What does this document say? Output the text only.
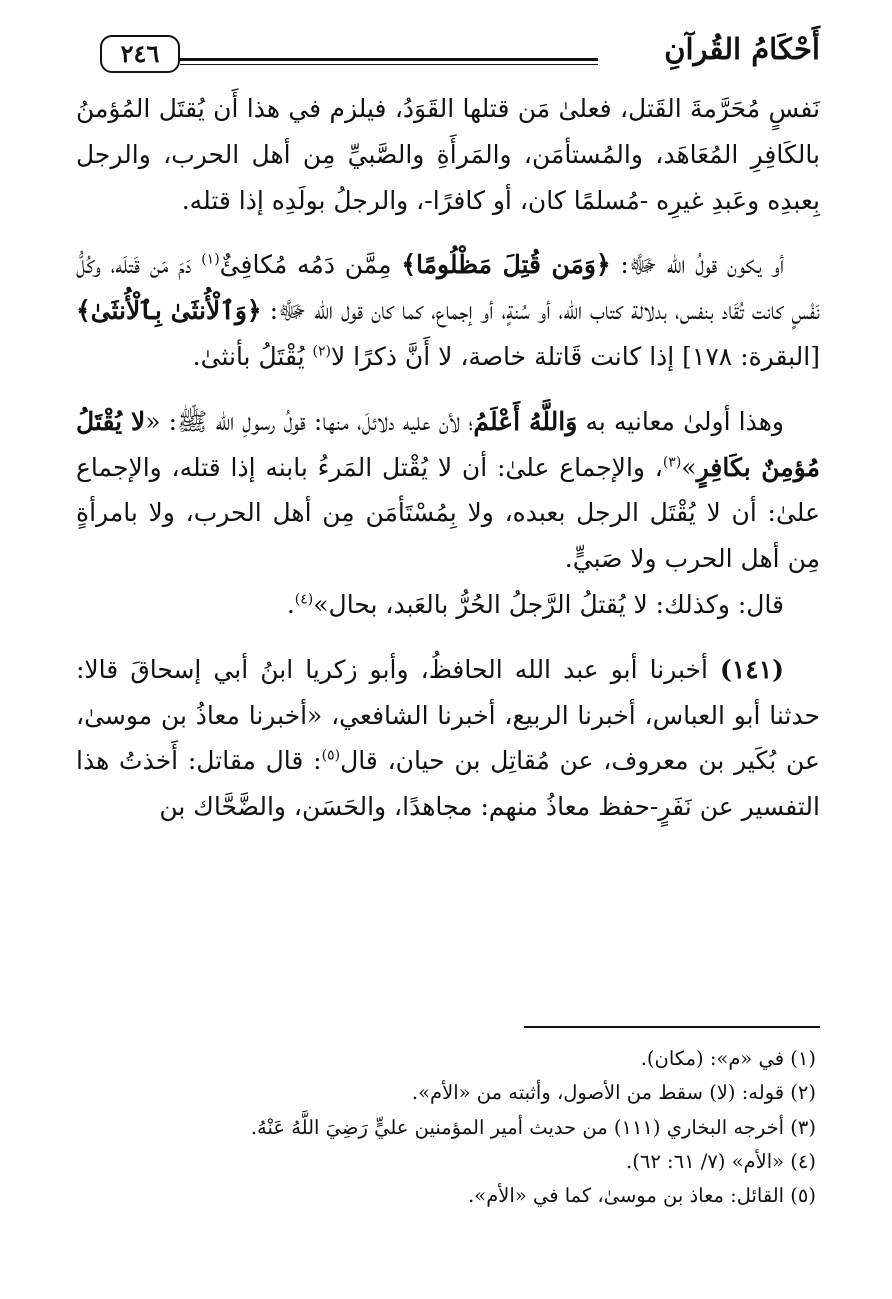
أَحْكَامُ القُرآنِ
٢٤٦

نَفسٍ مُحَرَّمةَ القَتل، فعلىٰ مَن قتلها القَوَدُ، فيلزم في هذا أَن يُقتَل المُؤمنُ بالكَافِرِ المُعَاهَد، والمُستأمَن، والمَرأَةِ والصَّبيِّ مِن أهل الحرب، والرجل بِعبدِه وعَبدِ غيرِه -مُسلمًا كان، أو كافرًا-، والرجلُ بولَدِه إذا قتله.

أو يكون قولُ الله ﷻ: ﴿وَمَن قُتِلَ مَظْلُومًا﴾ مِمَّن دَمُه مُكافِئٌ$^{(١)}$ دَمَ مَن قَتلَه، وكُلُّ نَفْسٍ كانت تُقَاد بنفس، بدلالة كتاب الله، أو سُنةٍ، أو إجماع، كما كان قول الله ﷻ: ﴿وَٱلْأُنثَىٰ بِٱلْأُنثَىٰ﴾ [البقرة: ١٧٨] إذا كانت قَاتلة خاصة، لا أَنَّ ذكرًا لا$^{(٢)}$ يُقْتَلُ بأنثىٰ.

وهذا أولىٰ معانيه به وَاللَّهُ أَعْلَمُ؛ لأن عليه دلائلَ، منها: قولُ رسولِ الله ﷺ: «لا يُقْتَلُ مُؤمِنٌ بكَافِرٍ»$^{(٣)}$، والإجماع علىٰ: أن لا يُقْتل المَرءُ بابنه إذا قتله، والإجماع علىٰ: أن لا يُقْتَل الرجل بعبده، ولا بِمُسْتَأمَن مِن أهل الحرب، ولا بامرأةٍ مِن أهل الحرب ولا صَبيٍّ.

قال: وكذلك: لا يُقتلُ الرَّجلُ الحُرُّ بالعَبد، بحال»$^{(٤)}$.

(١٤١) أخبرنا أبو عبد الله الحافظُ، وأبو زكريا ابنُ أبي إسحاقَ قالا: حدثنا أبو العباس، أخبرنا الربيع، أخبرنا الشافعي، «أخبرنا معاذُ بن موسىٰ، عن بُكَير بن معروف، عن مُقاتِل بن حيان، قال$^{(٥)}$: قال مقاتل: أَخذتُ هذا التفسير عن نَفَرٍ-حفظ معاذُ منهم: مجاهدًا، والحَسَن، والضَّحَّاك بن

(١) في «م»: (مكان).
(٢) قوله: (لا) سقط من الأصول، وأثبته من «الأم».
(٣) أخرجه البخاري (١١١) من حديث أمير المؤمنين عليٍّ رَضِيَ اللَّهُ عَنْهُ.
(٤) «الأم» (٧/ ٦١: ٦٢).
(٥) القائل: معاذ بن موسىٰ، كما في «الأم».
